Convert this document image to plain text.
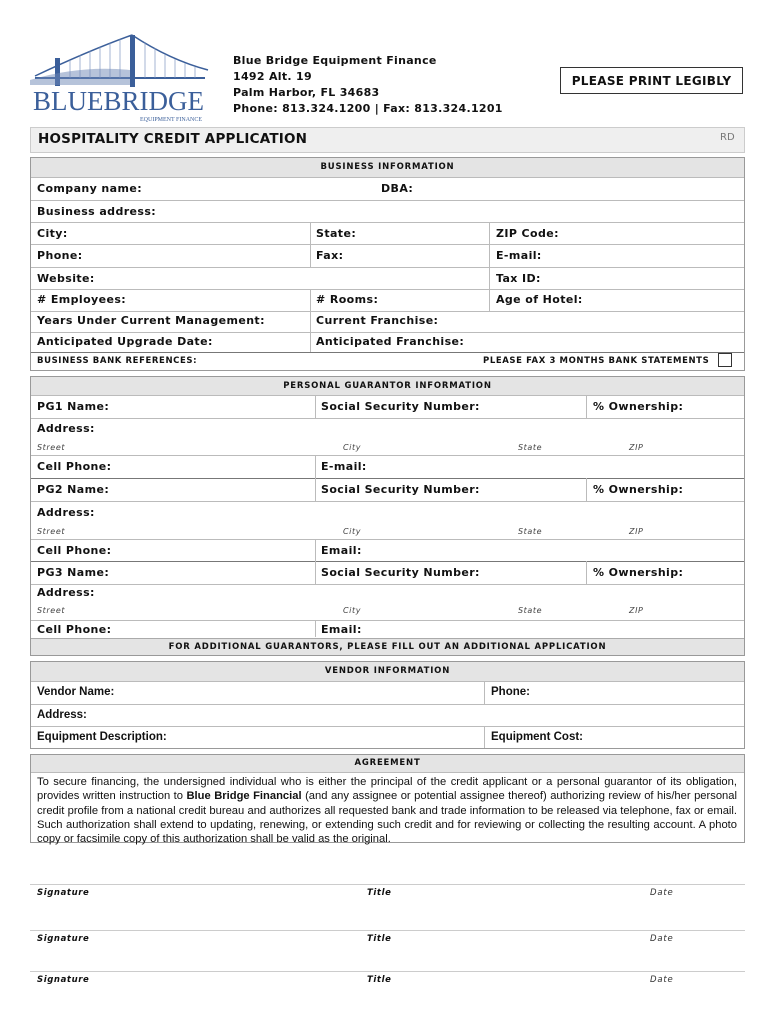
BLUEBRIDGE
EQUIPMENT FINANCE
Blue Bridge Equipment Finance
1492 Alt. 19
Palm Harbor, FL 34683
Phone: 813.324.1200 | Fax: 813.324.1201
PLEASE PRINT LEGIBLY
HOSPITALITY CREDIT APPLICATION	RD
BUSINESS INFORMATION
Company name:	DBA:
Business address:
City:	State:	ZIP Code:
Phone:	Fax:	E-mail:
Website:	Tax ID:
# Employees:	# Rooms:	Age of Hotel:
Years Under Current Management:	Current Franchise:
Anticipated Upgrade Date:	Anticipated Franchise:
BUSINESS BANK REFERENCES:	PLEASE FAX 3 MONTHS BANK STATEMENTS
PERSONAL GUARANTOR INFORMATION
PG1 Name:	Social Security Number:	% Ownership:
Address:
Street	City	State	ZIP
Cell Phone:	E-mail:
PG2 Name:	Social Security Number:	% Ownership:
Address:
Street	City	State	ZIP
Cell Phone:	Email:
PG3 Name:	Social Security Number:	% Ownership:
Address:
Street	City	State	ZIP
Cell Phone:	Email:
FOR ADDITIONAL GUARANTORS, PLEASE FILL OUT AN ADDITIONAL APPLICATION
VENDOR INFORMATION
Vendor Name:	Phone:
Address:
Equipment Description:	Equipment Cost:
AGREEMENT
To secure financing, the undersigned individual who is either the principal of the credit applicant or a personal guarantor of its obligation, provides written instruction to Blue Bridge Financial (and any assignee or potential assignee thereof) authorizing review of his/her personal credit profile from a national credit bureau and authorizes all requested bank and trade information to be released via telephone, fax or email. Such authorization shall extend to updating, renewing, or extending such credit and for reviewing or collecting the resulting account. A photo copy or facsimile copy of this authorization shall be valid as the original.
Signature	Title	Date
Signature	Title	Date
Signature	Title	Date
